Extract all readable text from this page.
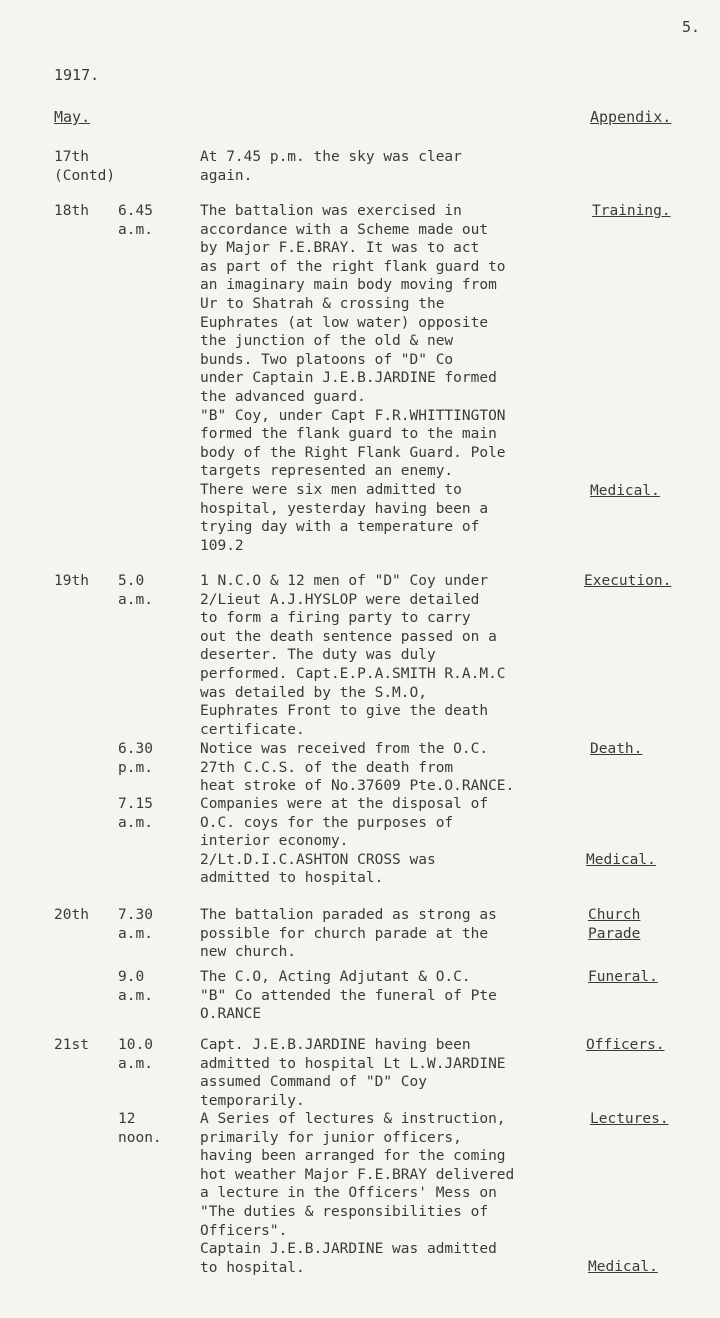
5.
1917.
May.	Appendix.
17th
(Contd)
At 7.45 p.m. the sky was clear
again.
18th 6.45
a.m.
The battalion was exercised in
accordance with a Scheme made out
by Major F.E.BRAY. It was to act
as part of the right flank guard to
an imaginary main body moving from
Ur to Shatrah & crossing the
Euphrates (at low water) opposite
the junction of the old & new
bunds. Two platoons of "D" Co
under Captain J.E.B.JARDINE formed
the advanced guard.
"B" Coy, under Capt F.R.WHITTINGTON
formed the flank guard to the main
body of the Right Flank Guard. Pole
targets represented an enemy.
There were six men admitted to
hospital, yesterday having been a
trying day with a temperature of
109.2
Training.
Medical.
19th 5.0
a.m.
1 N.C.O & 12 men of "D" Coy under
2/Lieut A.J.HYSLOP were detailed
to form a firing party to carry
out the death sentence passed on a
deserter. The duty was duly
performed. Capt.E.P.A.SMITH R.A.M.C
was detailed by the S.M.O,
Euphrates Front to give the death
certificate.
Execution.
6.30
p.m.
Notice was received from the O.C.
27th C.C.S. of the death from
heat stroke of No.37609 Pte.O.RANCE.
Death.
7.15
a.m.
Companies were at the disposal of
O.C. coys for the purposes of
interior economy.
2/Lt.D.I.C.ASHTON CROSS was
admitted to hospital.
Medical.
20th 7.30
a.m.
The battalion paraded as strong as
possible for church parade at the
new church.
Church
Parade
9.0
a.m.
The C.O, Acting Adjutant & O.C.
"B" Co attended the funeral of Pte
O.RANCE
Funeral.
21st 10.0
a.m.
Capt. J.E.B.JARDINE having been
admitted to hospital Lt L.W.JARDINE
assumed Command of "D" Coy
temporarily.
Officers.
12
noon.
A Series of lectures & instruction,
primarily for junior officers,
having been arranged for the coming
hot weather Major F.E.BRAY delivered
a lecture in the Officers' Mess on
"The duties & responsibilities of
Officers".
Captain J.E.B.JARDINE was admitted
to hospital.
Lectures.
Medical.
